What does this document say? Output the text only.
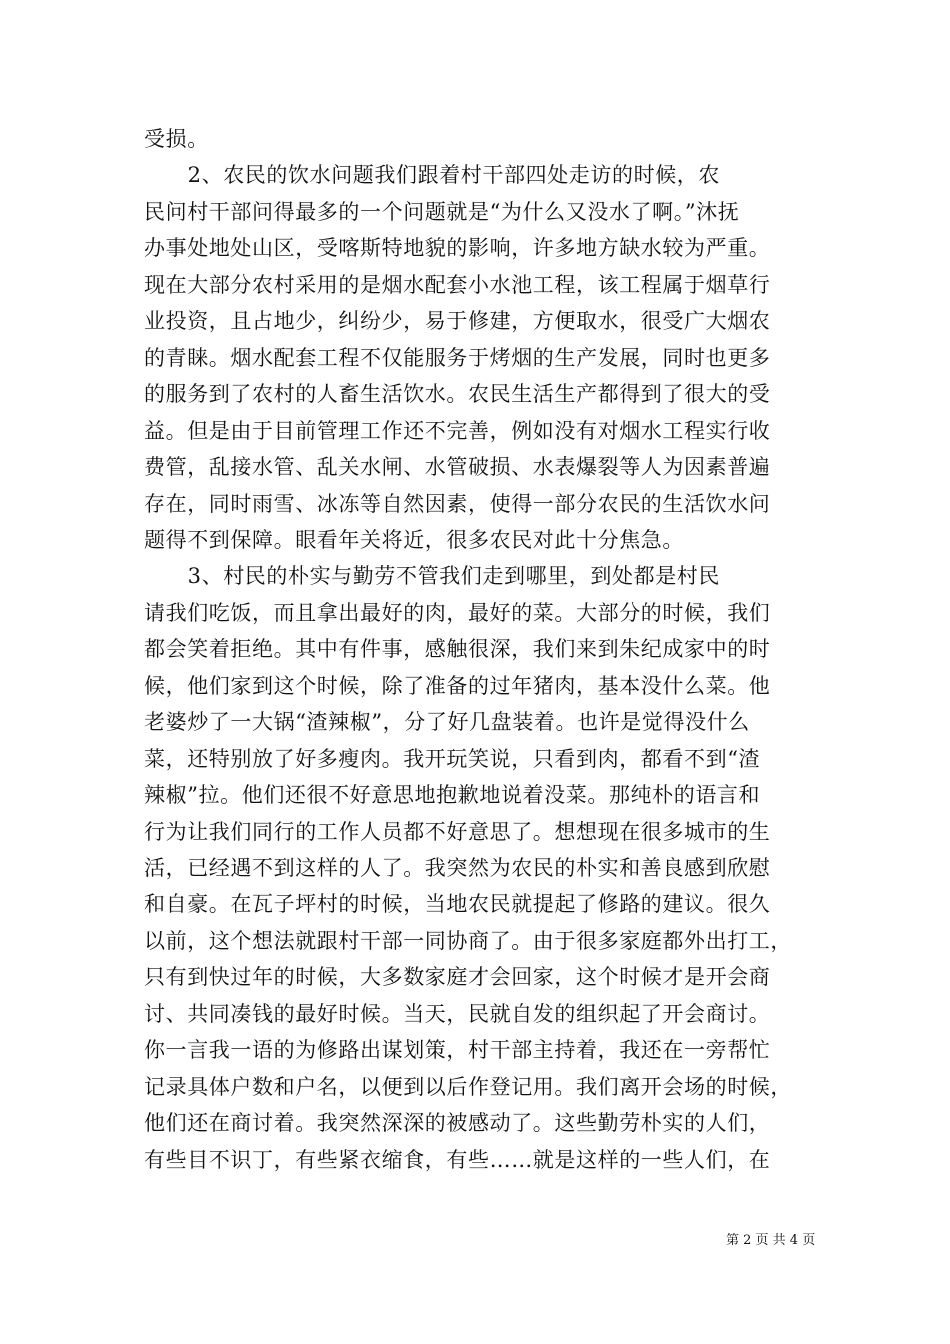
受损。
2、农民的饮水问题我们跟着村干部四处走访的时候，农
民问村干部问得最多的一个问题就是“为什么又没水了啊。”沐抚
办事处地处山区，受喀斯特地貌的影响，许多地方缺水较为严重。
现在大部分农村采用的是烟水配套小水池工程，该工程属于烟草行
业投资，且占地少，纠纷少，易于修建，方便取水，很受广大烟农
的青睐。烟水配套工程不仅能服务于烤烟的生产发展，同时也更多
的服务到了农村的人畜生活饮水。农民生活生产都得到了很大的受
益。但是由于目前管理工作还不完善，例如没有对烟水工程实行收
费管，乱接水管、乱关水闸、水管破损、水表爆裂等人为因素普遍
存在，同时雨雪、冰冻等自然因素，使得一部分农民的生活饮水问
题得不到保障。眼看年关将近，很多农民对此十分焦急。
3、村民的朴实与勤劳不管我们走到哪里，到处都是村民
请我们吃饭，而且拿出最好的肉，最好的菜。大部分的时候，我们
都会笑着拒绝。其中有件事，感触很深，我们来到朱纪成家中的时
候，他们家到这个时候，除了准备的过年猪肉，基本没什么菜。他
老婆炒了一大锅“渣辣椒”，分了好几盘装着。也许是觉得没什么
菜，还特别放了好多瘦肉。我开玩笑说，只看到肉，都看不到“渣
辣椒”拉。他们还很不好意思地抱歉地说着没菜。那纯朴的语言和
行为让我们同行的工作人员都不好意思了。想想现在很多城市的生
活，已经遇不到这样的人了。我突然为农民的朴实和善良感到欣慰
和自豪。在瓦子坪村的时候，当地农民就提起了修路的建议。很久
以前，这个想法就跟村干部一同协商了。由于很多家庭都外出打工，
只有到快过年的时候，大多数家庭才会回家，这个时候才是开会商
讨、共同凑钱的最好时候。当天，民就自发的组织起了开会商讨。
你一言我一语的为修路出谋划策，村干部主持着，我还在一旁帮忙
记录具体户数和户名，以便到以后作登记用。我们离开会场的时候，
他们还在商讨着。我突然深深的被感动了。这些勤劳朴实的人们，
有些目不识丁，有些紧衣缩食，有些……就是这样的一些人们，在
第 2 页 共 4 页
